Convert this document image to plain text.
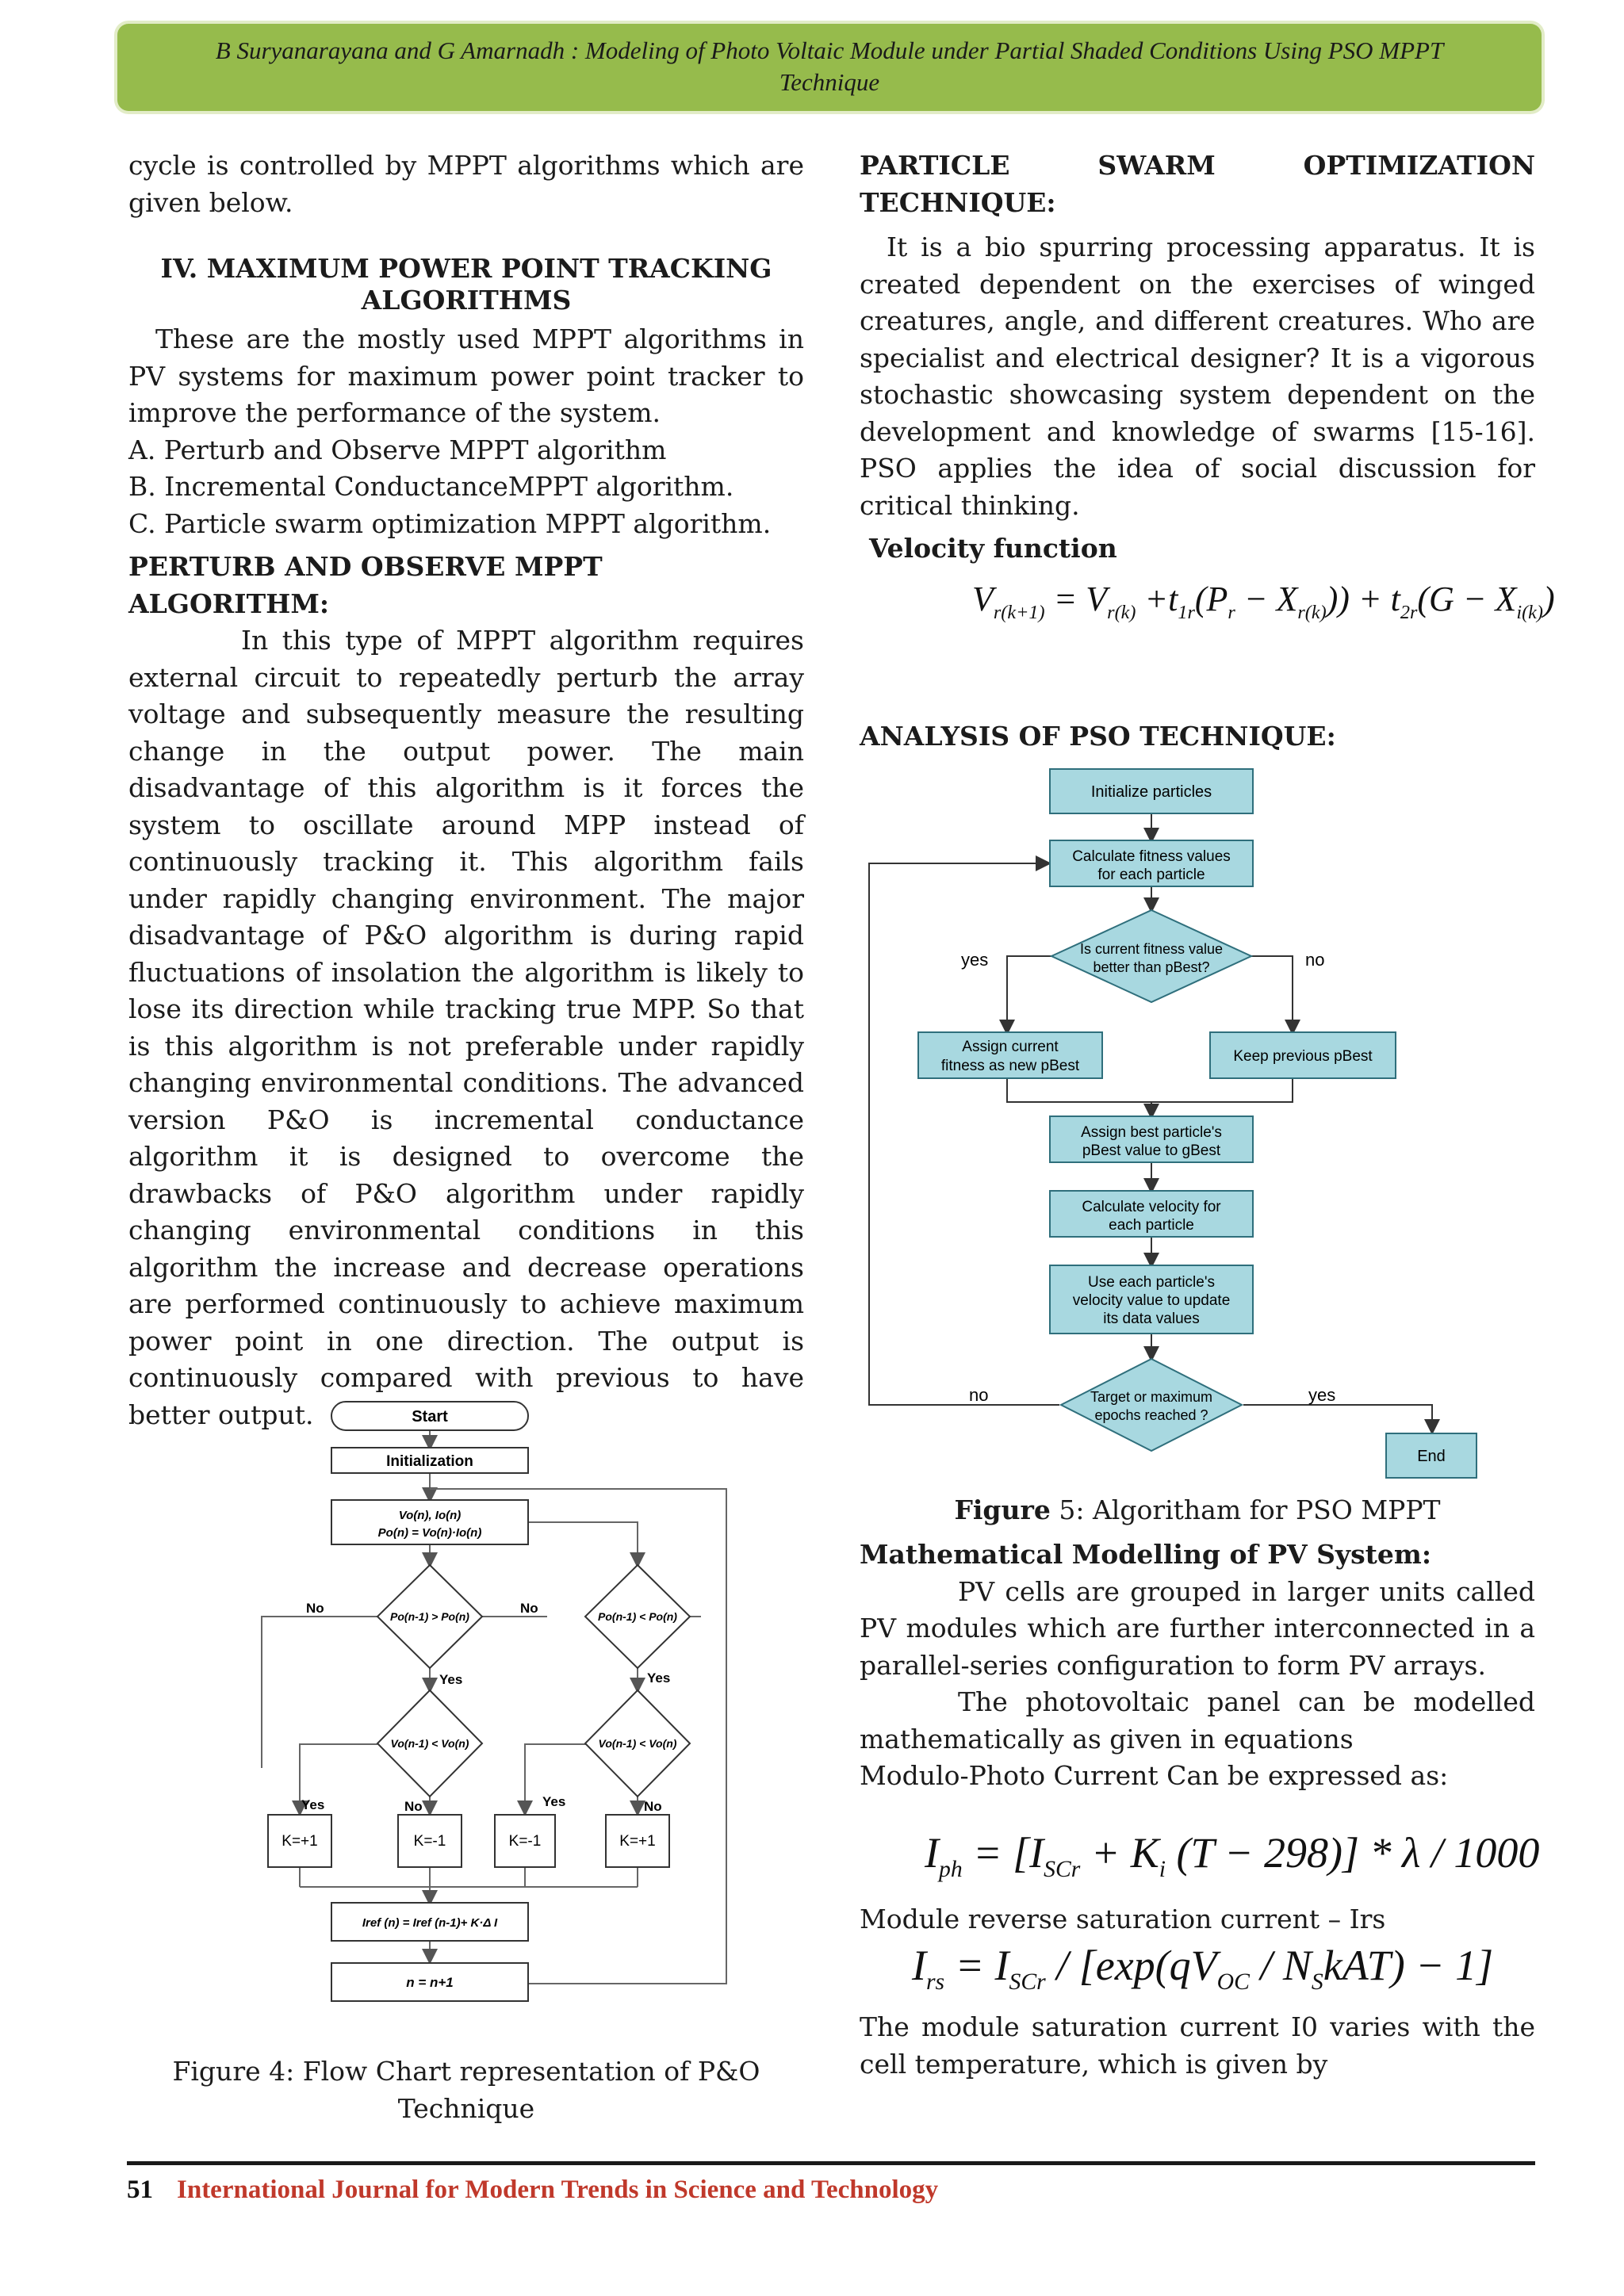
B Suryanarayana and G Amarnadh : Modeling of Photo Voltaic Module under Partial Shaded Conditions Using PSO MPPT
Technique

cycle is controlled by MPPT algorithms which are given below.

IV. MAXIMUM POWER POINT TRACKING
ALGORITHMS

These are the mostly used MPPT algorithms in PV systems for maximum power point tracker to improve the performance of the system.

A. Perturb and Observe MPPT algorithm

B. Incremental ConductanceMPPT algorithm.

C. Particle swarm optimization MPPT algorithm.

PERTURB AND OBSERVE MPPT ALGORITHM:

In this type of MPPT algorithm requires external circuit to repeatedly perturb the array voltage and subsequently measure the resulting change in the output power. The main disadvantage of this algorithm is it forces the system to oscillate around MPP instead of continuously tracking it. This algorithm fails under rapidly changing environment. The major disadvantage of P&O algorithm is during rapid fluctuations of insolation the algorithm is likely to lose its direction while tracking true MPP. So that is this algorithm is not preferable under rapidly changing environmental conditions. The advanced version P&O is incremental conductance algorithm it is designed to overcome the drawbacks of P&O algorithm under rapidly changing environmental conditions in this algorithm the increase and decrease operations are performed continuously to achieve maximum power point in one direction. The output is continuously compared with previous to have better output.	Start
Initialization
Vo(n), Io(n)
Po(n) = Vo(n)·Io(n)
Po(n-1) > Po(n)	Po(n-1) < Po(n)
Vo(n-1) < Vo(n)	Vo(n-1) < Vo(n)
No	No
Yes	Yes
Yes	No	Yes	No
K=+1	K=-1	K=-1	K=+1
Iref (n) = Iref (n-1)+ K·Δ I
n = n+1
Figure 4: Flow Chart representation of P&O
Technique
PARTICLE	SWARM	OPTIMIZATION
TECHNIQUE:

It is a bio spurring processing apparatus. It is created dependent on the exercises of winged creatures, angle, and different creatures. Who are specialist and electrical designer? It is a vigorous stochastic showcasing system dependent on the development and knowledge of swarms [15-16]. PSO applies the idea of social discussion for critical thinking.

Velocity function

$V_{r(k+1)} = V_{r(k)} +t_{1r}(P_r - X_{r(k)})) + t_{2r}(G - X_{i(k)})$
ANALYSIS OF PSO TECHNIQUE:
Initialize particles
Calculate fitness values
for each particle
Is current fitness value
better than pBest?
yes	no
Assign current
fitness as new pBest
Keep previous pBest
Assign best particle's
pBest value to gBest
Calculate velocity for
each particle
Use each particle's
velocity value to update
its data values
Target or maximum
epochs reached ?
no	yes
End
Figure 5: Algoritham for PSO MPPT

Mathematical Modelling of PV System:

PV cells are grouped in larger units called PV modules which are further interconnected in a parallel-series configuration to form PV arrays.

The photovoltaic panel can be modelled mathematically as given in equations

Modulo-Photo Current Can be expressed as:

$I_{ph} = [I_{SCr} + K_i$ (T − 298)] * λ / 1000
Module reverse saturation current – Irs
$I_{rs} = I_{SCr} / [\exp(qV_{OC} / N_SkAT) - 1]$
The module saturation current I0 varies with the cell temperature, which is given by
51 International Journal for Modern Trends in Science and Technology
